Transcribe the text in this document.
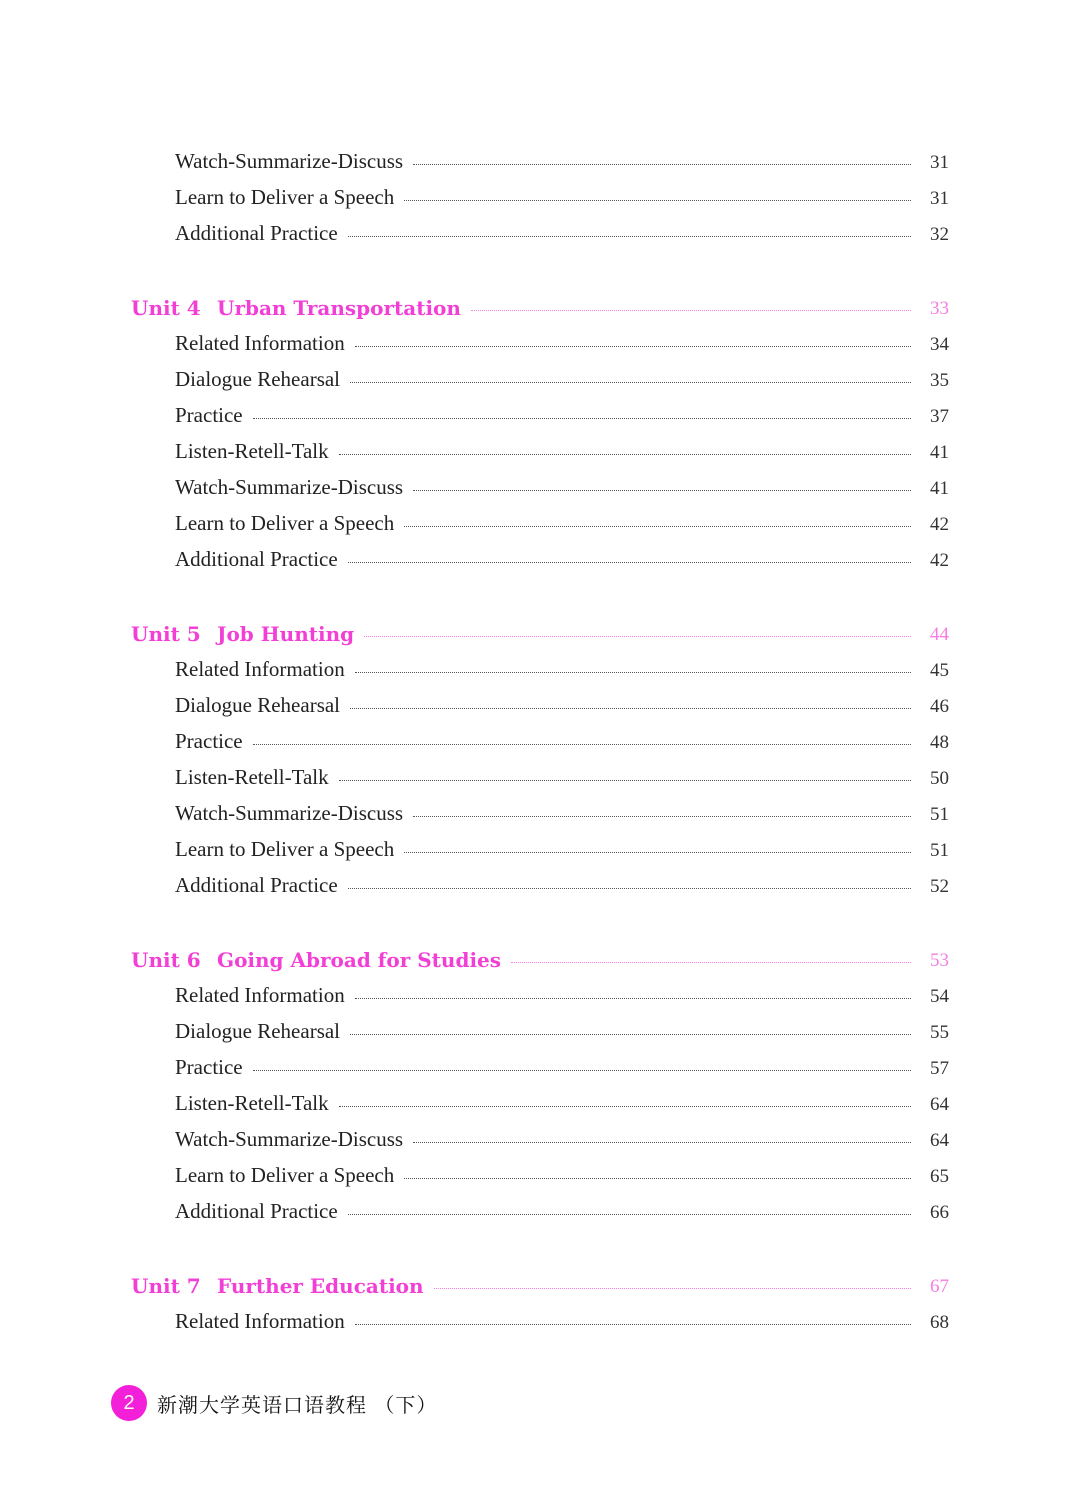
Watch-Summarize-Discuss	31
Learn to Deliver a Speech	31
Additional Practice	32
Unit 4 Urban Transportation	33
Related Information	34
Dialogue Rehearsal	35
Practice	37
Listen-Retell-Talk	41
Watch-Summarize-Discuss	41
Learn to Deliver a Speech	42
Additional Practice	42
Unit 5 Job Hunting	44
Related Information	45
Dialogue Rehearsal	46
Practice	48
Listen-Retell-Talk	50
Watch-Summarize-Discuss	51
Learn to Deliver a Speech	51
Additional Practice	52
Unit 6 Going Abroad for Studies	53
Related Information	54
Dialogue Rehearsal	55
Practice	57
Listen-Retell-Talk	64
Watch-Summarize-Discuss	64
Learn to Deliver a Speech	65
Additional Practice	66
Unit 7 Further Education	67
Related Information	68
2	新潮大学英语口语教程 （下）
